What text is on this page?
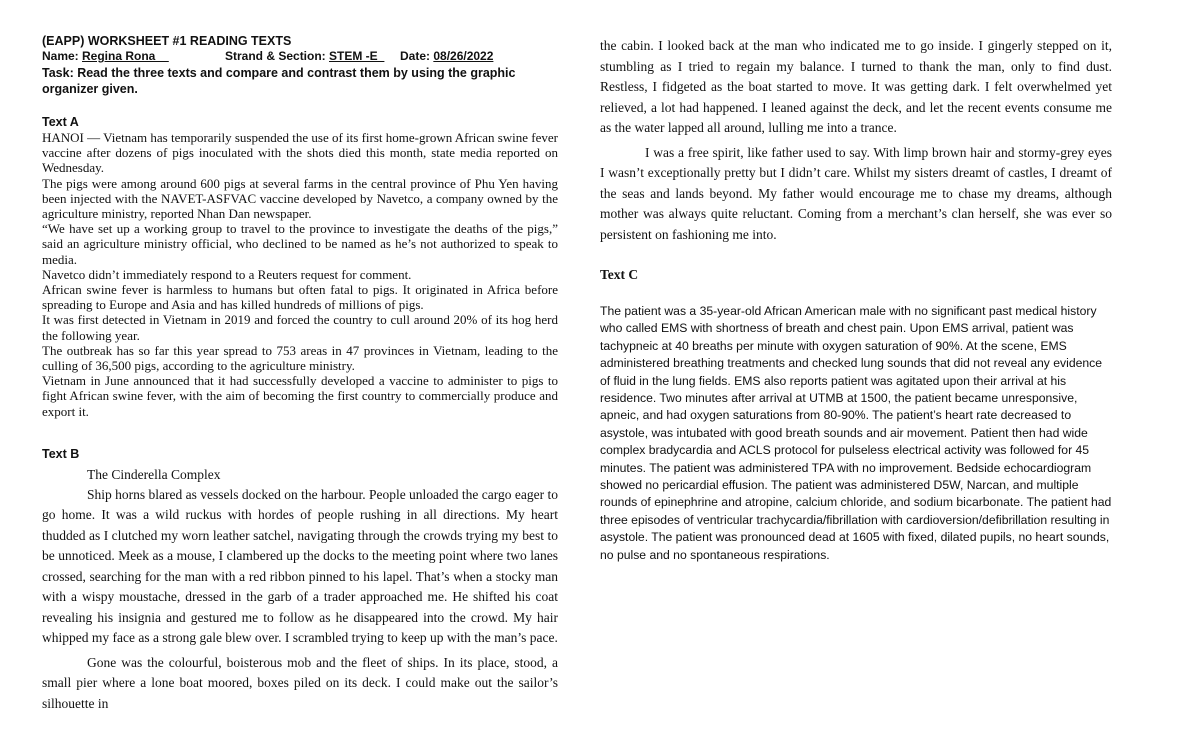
(EAPP) WORKSHEET #1 READING TEXTS
Name: Regina Rona__	Strand & Section: STEM -E_ Date: 08/26/2022
Task: Read the three texts and compare and contrast them by using the graphic organizer given.
Text A

HANOI — Vietnam has temporarily suspended the use of its first home-grown African swine fever vaccine after dozens of pigs inoculated with the shots died this month, state media reported on Wednesday.

The pigs were among around 600 pigs at several farms in the central province of Phu Yen having been injected with the NAVET-ASFVAC vaccine developed by Navetco, a company owned by the agriculture ministry, reported Nhan Dan newspaper.

“We have set up a working group to travel to the province to investigate the deaths of the pigs,” said an agriculture ministry official, who declined to be named as he’s not authorized to speak to media.

Navetco didn’t immediately respond to a Reuters request for comment.

African swine fever is harmless to humans but often fatal to pigs. It originated in Africa before spreading to Europe and Asia and has killed hundreds of millions of pigs.

It was first detected in Vietnam in 2019 and forced the country to cull around 20% of its hog herd the following year.

The outbreak has so far this year spread to 753 areas in 47 provinces in Vietnam, leading to the culling of 36,500 pigs, according to the agriculture ministry.

Vietnam in June announced that it had successfully developed a vaccine to administer to pigs to fight African swine fever, with the aim of becoming the first country to commercially produce and export it.

Text B

The Cinderella Complex

Ship horns blared as vessels docked on the harbour. People unloaded the cargo eager to go home. It was a wild ruckus with hordes of people rushing in all directions. My heart thudded as I clutched my worn leather satchel, navigating through the crowds trying my best to be unnoticed. Meek as a mouse, I clambered up the docks to the meeting point where two lanes crossed, searching for the man with a red ribbon pinned to his lapel. That’s when a stocky man with a wispy moustache, dressed in the garb of a trader approached me. He shifted his coat revealing his insignia and gestured me to follow as he disappeared into the crowd. My hair whipped my face as a strong gale blew over. I scrambled trying to keep up with the man’s pace.

Gone was the colourful, boisterous mob and the fleet of ships. In its place, stood, a small pier where a lone boat moored, boxes piled on its deck. I could make out the sailor’s silhouette in

the cabin. I looked back at the man who indicated me to go inside. I gingerly stepped on it, stumbling as I tried to regain my balance. I turned to thank the man, only to find dust. Restless, I fidgeted as the boat started to move. It was getting dark. I felt overwhelmed yet relieved, a lot had happened. I leaned against the deck, and let the recent events consume me as the water lapped all around, lulling me into a trance.

I was a free spirit, like father used to say. With limp brown hair and stormy-grey eyes I wasn’t exceptionally pretty but I didn’t care. Whilst my sisters dreamt of castles, I dreamt of the seas and lands beyond. My father would encourage me to chase my dreams, although mother was always quite reluctant. Coming from a merchant’s clan herself, she was ever so persistent on fashioning me into.

Text C

The patient was a 35-year-old African American male with no significant past medical history who called EMS with shortness of breath and chest pain. Upon EMS arrival, patient was tachypneic at 40 breaths per minute with oxygen saturation of 90%. At the scene, EMS administered breathing treatments and checked lung sounds that did not reveal any evidence of fluid in the lung fields. EMS also reports patient was agitated upon their arrival at his residence. Two minutes after arrival at UTMB at 1500, the patient became unresponsive, apneic, and had oxygen saturations from 80-90%. The patient’s heart rate decreased to asystole, was intubated with good breath sounds and air movement. Patient then had wide complex bradycardia and ACLS protocol for pulseless electrical activity was followed for 45 minutes. The patient was administered TPA with no improvement. Bedside echocardiogram showed no pericardial effusion. The patient was administered D5W, Narcan, and multiple rounds of epinephrine and atropine, calcium chloride, and sodium bicarbonate. The patient had three episodes of ventricular trachycardia/fibrillation with cardioversion/defibrillation resulting in asystole. The patient was pronounced dead at 1605 with fixed, dilated pupils, no heart sounds, no pulse and no spontaneous respirations.
